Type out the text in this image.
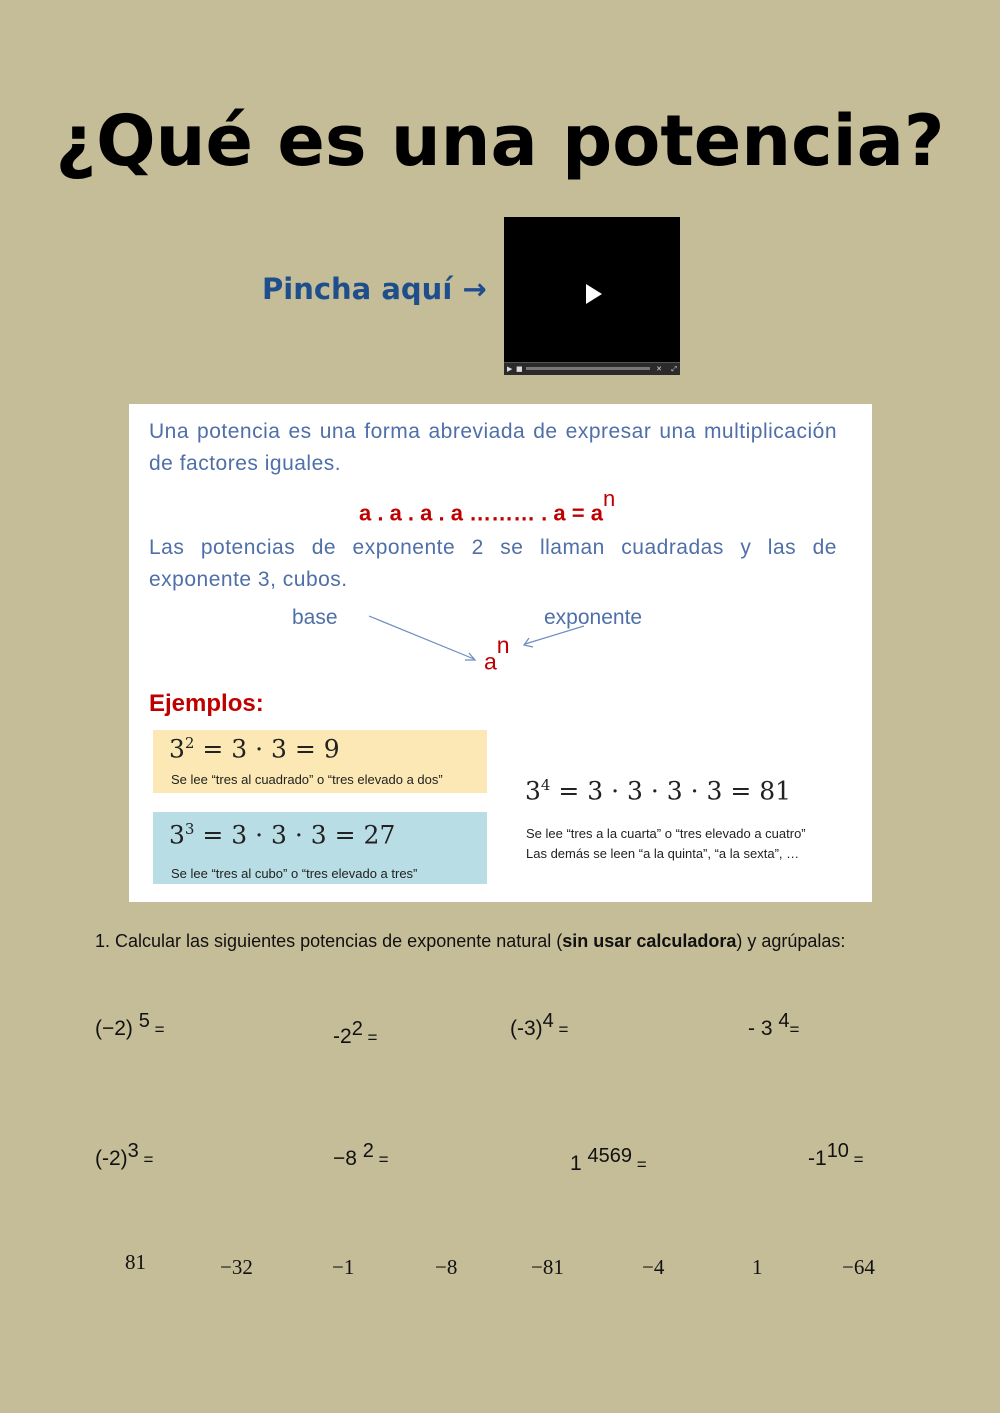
¿Qué es una potencia?
Pincha aquí →
▶ ■	✕ ⤢
Una potencia es una forma abreviada de expresar una multiplicación de factores iguales.
a . a . a . a ……… . $a = a^n$
Las potencias de exponente 2 se llaman cuadradas y las de exponente 3, cubos.
base	exponente
$a^n$
Ejemplos:
$3^2 = 3 \cdot 3 = 9$
Se lee “tres al cuadrado” o “tres elevado a dos”
$3^3 = 3 \cdot 3 \cdot 3 = 27$
Se lee “tres al cubo” o “tres elevado a tres”
$3^4 = 3 \cdot 3 \cdot 3 \cdot 3 = 81$
Se lee “tres a la cuarta” o “tres elevado a cuatro”
Las demás se leen “a la quinta”, “a la sexta”, …
1. Calcular las siguientes potencias de exponente natural (sin usar calculadora) y agrúpalas:
(−2) $^5$ =	$-2^2$ =	$(-3)^4$ =	- 3 $^4$=
$(-2)^3$ =	−8 $^2$ =	1 $^{4569}$ =	$-1^{10}$ =
81	−32	−1	−8	−81	−4	1	−64
